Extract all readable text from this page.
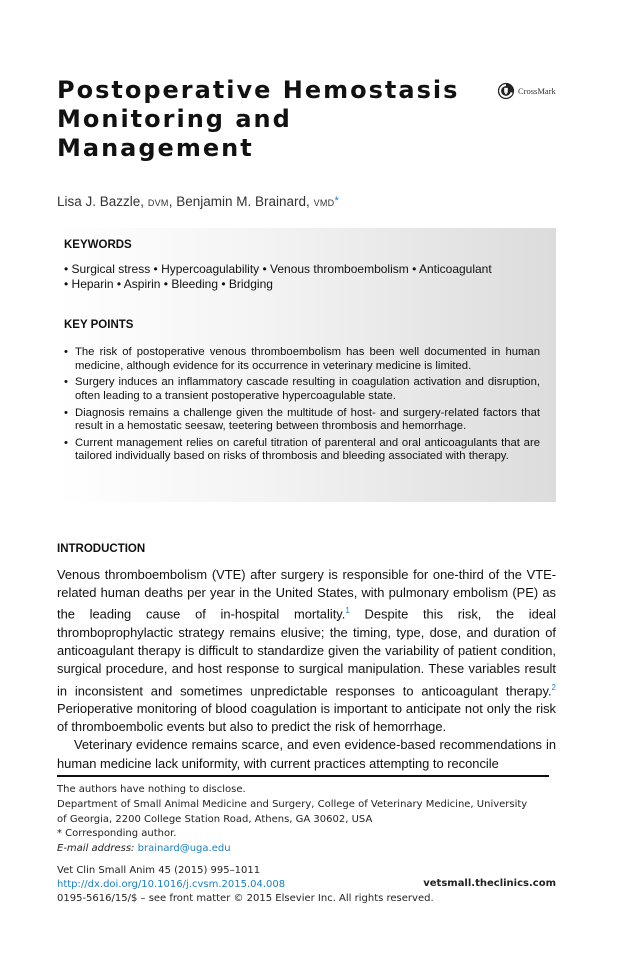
Postoperative Hemostasis
Monitoring and
Management
CrossMark
Lisa J. Bazzle, DVM, Benjamin M. Brainard, VMD*
KEYWORDS
• Surgical stress • Hypercoagulability • Venous thromboembolism • Anticoagulant
• Heparin • Aspirin • Bleeding • Bridging
KEY POINTS
• The risk of postoperative venous thromboembolism has been well documented in human medicine, although evidence for its occurrence in veterinary medicine is limited.
• Surgery induces an inflammatory cascade resulting in coagulation activation and disruption, often leading to a transient postoperative hypercoagulable state.
• Diagnosis remains a challenge given the multitude of host- and surgery-related factors that result in a hemostatic seesaw, teetering between thrombosis and hemorrhage.
• Current management relies on careful titration of parenteral and oral anticoagulants that are tailored individually based on risks of thrombosis and bleeding associated with therapy.
INTRODUCTION

Venous thromboembolism (VTE) after surgery is responsible for one-third of the VTE-related human deaths per year in the United States, with pulmonary embolism (PE) as the leading cause of in-hospital mortality.$^1$ Despite this risk, the ideal thromboprophylactic strategy remains elusive; the timing, type, dose, and duration of anticoagulant therapy is difficult to standardize given the variability of patient condition, surgical procedure, and host response to surgical manipulation. These variables result in inconsistent and sometimes unpredictable responses to anticoagulant therapy.$^2$ Perioperative monitoring of blood coagulation is important to anticipate not only the risk of thromboembolic events but also to predict the risk of hemorrhage.

Veterinary evidence remains scarce, and even evidence-based recommendations in human medicine lack uniformity, with current practices attempting to reconcile

The authors have nothing to disclose.
Department of Small Animal Medicine and Surgery, College of Veterinary Medicine, University
of Georgia, 2200 College Station Road, Athens, GA 30602, USA
* Corresponding author.
E-mail address: brainard@uga.edu
Vet Clin Small Anim 45 (2015) 995–1011
http://dx.doi.org/10.1016/j.cvsm.2015.04.008	vetsmall.theclinics.com
0195-5616/15/$ – see front matter © 2015 Elsevier Inc. All rights reserved.
